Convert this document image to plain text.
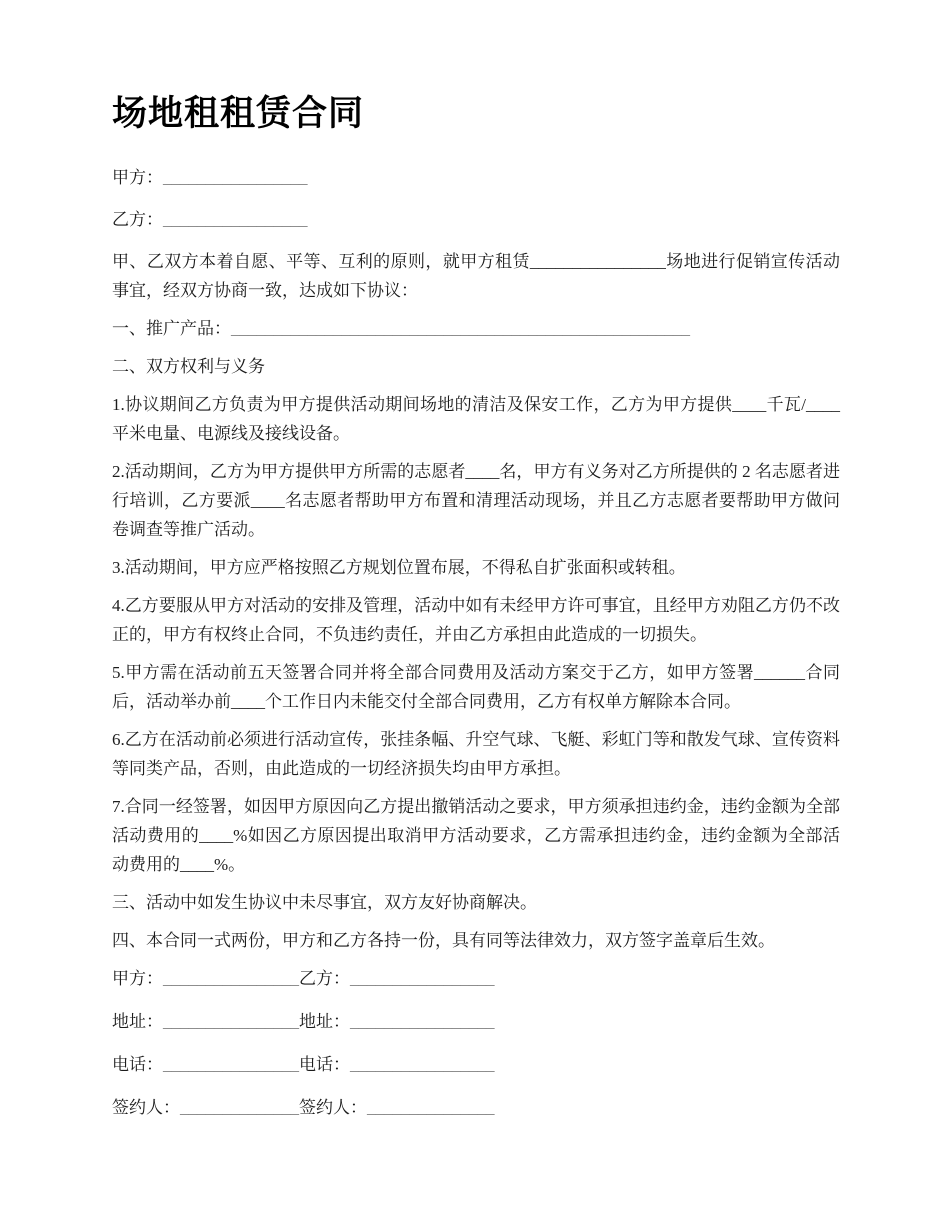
场地租租赁合同

甲方：_________________

乙方：_________________

甲、乙双方本着自愿、平等、互利的原则，就甲方租赁________________场地进行促销宣传活动事宜，经双方协商一致，达成如下协议：

一、推广产品：______________________________________________________

二、双方权利与义务

1.协议期间乙方负责为甲方提供活动期间场地的清洁及保安工作，乙方为甲方提供____千瓦/____平米电量、电源线及接线设备。

2.活动期间，乙方为甲方提供甲方所需的志愿者____名，甲方有义务对乙方所提供的 2 名志愿者进行培训，乙方要派____名志愿者帮助甲方布置和清理活动现场，并且乙方志愿者要帮助甲方做问卷调查等推广活动。

3.活动期间，甲方应严格按照乙方规划位置布展，不得私自扩张面积或转租。

4.乙方要服从甲方对活动的安排及管理，活动中如有未经甲方许可事宜，且经甲方劝阻乙方仍不改正的，甲方有权终止合同，不负违约责任，并由乙方承担由此造成的一切损失。

5.甲方需在活动前五天签署合同并将全部合同费用及活动方案交于乙方，如甲方签署______合同后，活动举办前____个工作日内未能交付全部合同费用，乙方有权单方解除本合同。

6.乙方在活动前必须进行活动宣传，张挂条幅、升空气球、飞艇、彩虹门等和散发气球、宣传资料等同类产品，否则，由此造成的一切经济损失均由甲方承担。

7.合同一经签署，如因甲方原因向乙方提出撤销活动之要求，甲方须承担违约金，违约金额为全部活动费用的____%如因乙方原因提出取消甲方活动要求，乙方需承担违约金，违约金额为全部活动费用的____%。

三、活动中如发生协议中未尽事宜，双方友好协商解决。

四、本合同一式两份，甲方和乙方各持一份，具有同等法律效力，双方签字盖章后生效。

甲方：________________乙方：_________________

地址：________________地址：_________________

电话：________________电话：_________________

签约人：______________签约人：_______________
